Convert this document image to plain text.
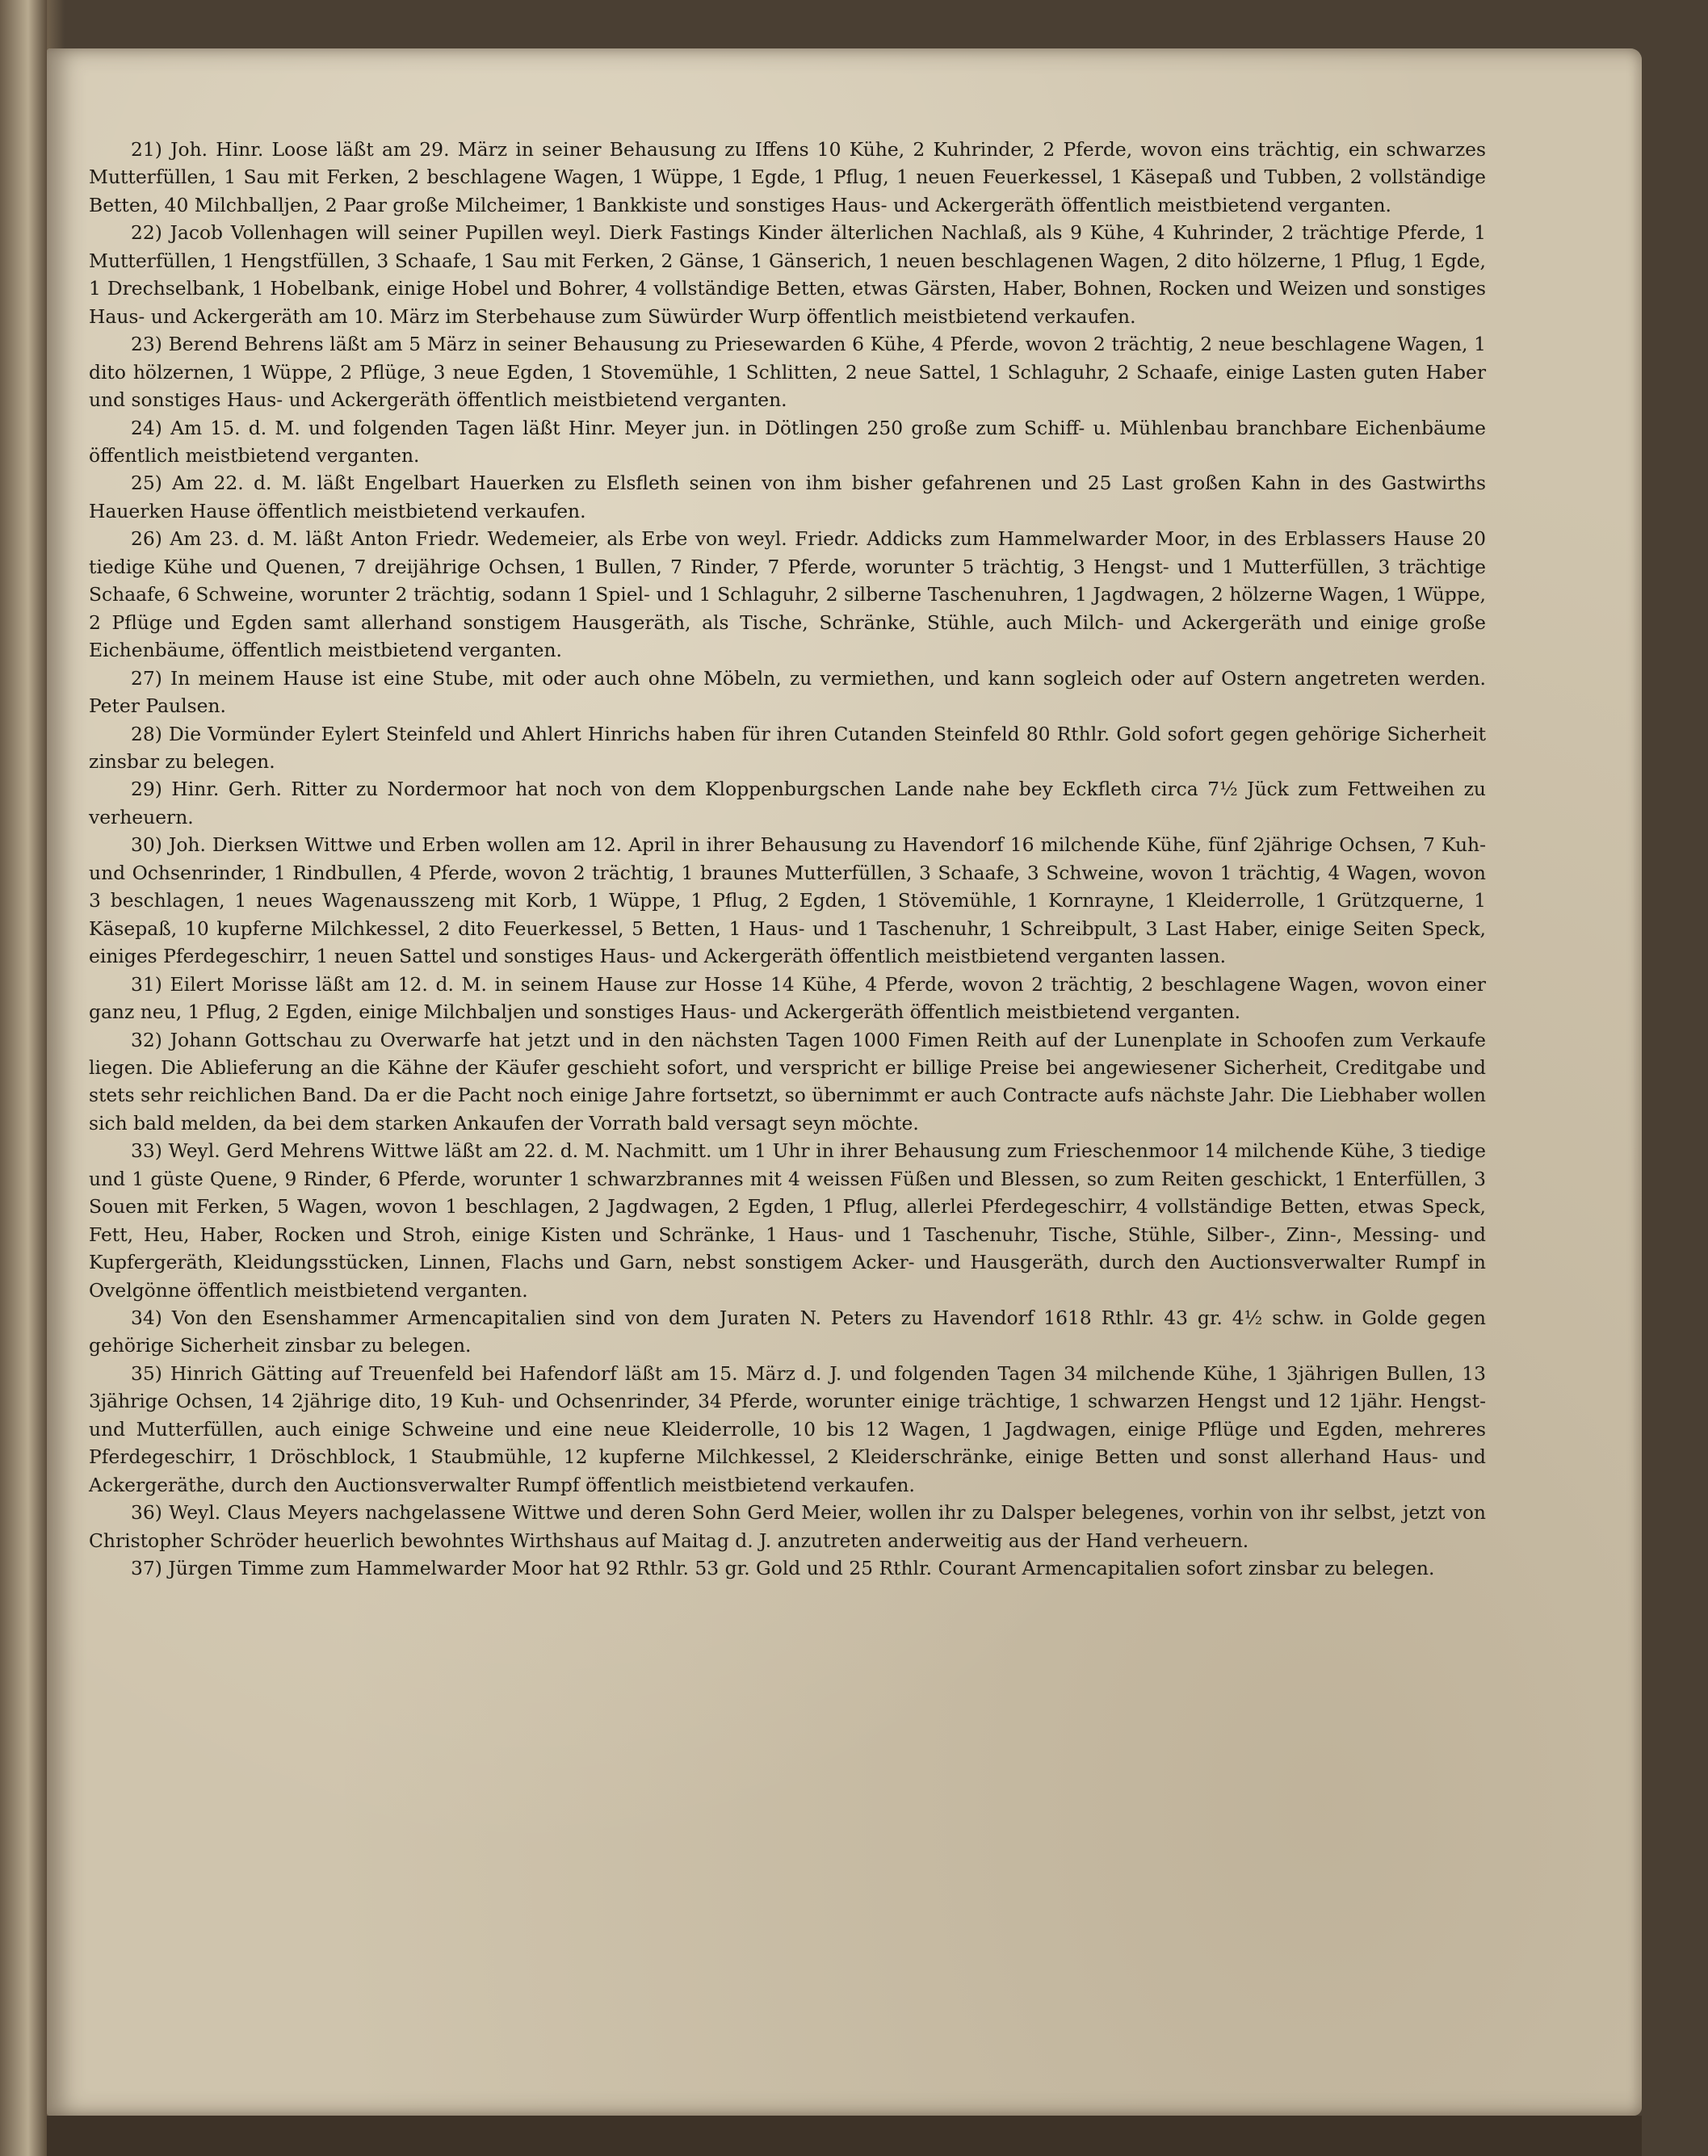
21) Joh. Hinr. Loose läßt am 29. März in seiner Behausung zu Iffens 10 Kühe, 2 Kuhrinder, 2 Pferde, wovon eins trächtig, ein schwarzes Mutterfüllen, 1 Sau mit Ferken, 2 beschlagene Wagen, 1 Wüppe, 1 Egde, 1 Pflug, 1 neuen Feuerkessel, 1 Käsepaß und Tubben, 2 vollständige Betten, 40 Milchballjen, 2 Paar große Milcheimer, 1 Bankkiste und sonstiges Haus- und Ackergeräth öffentlich meistbietend verganten.

22) Jacob Vollenhagen will seiner Pupillen weyl. Dierk Fastings Kinder älterlichen Nachlaß, als 9 Kühe, 4 Kuhrinder, 2 trächtige Pferde, 1 Mutterfüllen, 1 Hengstfüllen, 3 Schaafe, 1 Sau mit Ferken, 2 Gänse, 1 Gänserich, 1 neuen beschlagenen Wagen, 2 dito hölzerne, 1 Pflug, 1 Egde, 1 Drechselbank, 1 Hobelbank, einige Hobel und Bohrer, 4 vollständige Betten, etwas Gärsten, Haber, Bohnen, Rocken und Weizen und sonstiges Haus- und Ackergeräth am 10. März im Sterbehause zum Süwürder Wurp öffentlich meistbietend verkaufen.

23) Berend Behrens läßt am 5 März in seiner Behausung zu Priesewarden 6 Kühe, 4 Pferde, wovon 2 trächtig, 2 neue beschlagene Wagen, 1 dito hölzernen, 1 Wüppe, 2 Pflüge, 3 neue Egden, 1 Stovemühle, 1 Schlitten, 2 neue Sattel, 1 Schlaguhr, 2 Schaafe, einige Lasten guten Haber und sonstiges Haus- und Ackergeräth öffentlich meistbietend verganten.

24) Am 15. d. M. und folgenden Tagen läßt Hinr. Meyer jun. in Dötlingen 250 große zum Schiff- u. Mühlenbau branchbare Eichenbäume öffentlich meistbietend verganten.

25) Am 22. d. M. läßt Engelbart Hauerken zu Elsfleth seinen von ihm bisher gefahrenen und 25 Last großen Kahn in des Gastwirths Hauerken Hause öffentlich meistbietend verkaufen.

26) Am 23. d. M. läßt Anton Friedr. Wedemeier, als Erbe von weyl. Friedr. Addicks zum Hammelwarder Moor, in des Erblassers Hause 20 tiedige Kühe und Quenen, 7 dreijährige Ochsen, 1 Bullen, 7 Rinder, 7 Pferde, worunter 5 trächtig, 3 Hengst- und 1 Mutterfüllen, 3 trächtige Schaafe, 6 Schweine, worunter 2 trächtig, sodann 1 Spiel- und 1 Schlaguhr, 2 silberne Taschenuhren, 1 Jagdwagen, 2 hölzerne Wagen, 1 Wüppe, 2 Pflüge und Egden samt allerhand sonstigem Hausgeräth, als Tische, Schränke, Stühle, auch Milch- und Ackergeräth und einige große Eichenbäume, öffentlich meistbietend verganten.

27) In meinem Hause ist eine Stube, mit oder auch ohne Möbeln, zu vermiethen, und kann sogleich oder auf Ostern angetreten werden. Peter Paulsen.

28) Die Vormünder Eylert Steinfeld und Ahlert Hinrichs haben für ihren Cutanden Steinfeld 80 Rthlr. Gold sofort gegen gehörige Sicherheit zinsbar zu belegen.

29) Hinr. Gerh. Ritter zu Nordermoor hat noch von dem Kloppenburgschen Lande nahe bey Eckfleth circa 7½ Jück zum Fettweihen zu verheuern.

30) Joh. Dierksen Wittwe und Erben wollen am 12. April in ihrer Behausung zu Havendorf 16 milchende Kühe, fünf 2jährige Ochsen, 7 Kuh- und Ochsenrinder, 1 Rindbullen, 4 Pferde, wovon 2 trächtig, 1 braunes Mutterfüllen, 3 Schaafe, 3 Schweine, wovon 1 trächtig, 4 Wagen, wovon 3 beschlagen, 1 neues Wagenausszeng mit Korb, 1 Wüppe, 1 Pflug, 2 Egden, 1 Stövemühle, 1 Kornrayne, 1 Kleiderrolle, 1 Grützquerne, 1 Käsepaß, 10 kupferne Milchkessel, 2 dito Feuerkessel, 5 Betten, 1 Haus- und 1 Taschenuhr, 1 Schreibpult, 3 Last Haber, einige Seiten Speck, einiges Pferdegeschirr, 1 neuen Sattel und sonstiges Haus- und Ackergeräth öffentlich meistbietend verganten lassen.

31) Eilert Morisse läßt am 12. d. M. in seinem Hause zur Hosse 14 Kühe, 4 Pferde, wovon 2 trächtig, 2 beschlagene Wagen, wovon einer ganz neu, 1 Pflug, 2 Egden, einige Milchbaljen und sonstiges Haus- und Ackergeräth öffentlich meistbietend verganten.

32) Johann Gottschau zu Overwarfe hat jetzt und in den nächsten Tagen 1000 Fimen Reith auf der Lunenplate in Schoofen zum Verkaufe liegen. Die Ablieferung an die Kähne der Käufer geschieht sofort, und verspricht er billige Preise bei angewiesener Sicherheit, Creditgabe und stets sehr reichlichen Band. Da er die Pacht noch einige Jahre fortsetzt, so übernimmt er auch Contracte aufs nächste Jahr. Die Liebhaber wollen sich bald melden, da bei dem starken Ankaufen der Vorrath bald versagt seyn möchte.

33) Weyl. Gerd Mehrens Wittwe läßt am 22. d. M. Nachmitt. um 1 Uhr in ihrer Behausung zum Frieschenmoor 14 milchende Kühe, 3 tiedige und 1 güste Quene, 9 Rinder, 6 Pferde, worunter 1 schwarzbrannes mit 4 weissen Füßen und Blessen, so zum Reiten geschickt, 1 Enterfüllen, 3 Souen mit Ferken, 5 Wagen, wovon 1 beschlagen, 2 Jagdwagen, 2 Egden, 1 Pflug, allerlei Pferdegeschirr, 4 vollständige Betten, etwas Speck, Fett, Heu, Haber, Rocken und Stroh, einige Kisten und Schränke, 1 Haus- und 1 Taschenuhr, Tische, Stühle, Silber-, Zinn-, Messing- und Kupfergeräth, Kleidungsstücken, Linnen, Flachs und Garn, nebst sonstigem Acker- und Hausgeräth, durch den Auctionsverwalter Rumpf in Ovelgönne öffentlich meistbietend verganten.

34) Von den Esenshammer Armencapitalien sind von dem Juraten N. Peters zu Havendorf 1618 Rthlr. 43 gr. 4½ schw. in Golde gegen gehörige Sicherheit zinsbar zu belegen.

35) Hinrich Gätting auf Treuenfeld bei Hafendorf läßt am 15. März d. J. und folgenden Tagen 34 milchende Kühe, 1 3jährigen Bullen, 13 3jährige Ochsen, 14 2jährige dito, 19 Kuh- und Ochsenrinder, 34 Pferde, worunter einige trächtige, 1 schwarzen Hengst und 12 1jähr. Hengst- und Mutterfüllen, auch einige Schweine und eine neue Kleiderrolle, 10 bis 12 Wagen, 1 Jagdwagen, einige Pflüge und Egden, mehreres Pferdegeschirr, 1 Dröschblock, 1 Staubmühle, 12 kupferne Milchkessel, 2 Kleiderschränke, einige Betten und sonst allerhand Haus- und Ackergeräthe, durch den Auctionsverwalter Rumpf öffentlich meistbietend verkaufen.

36) Weyl. Claus Meyers nachgelassene Wittwe und deren Sohn Gerd Meier, wollen ihr zu Dalsper belegenes, vorhin von ihr selbst, jetzt von Christopher Schröder heuerlich bewohntes Wirthshaus auf Maitag d. J. anzutreten anderweitig aus der Hand verheuern.

37) Jürgen Timme zum Hammelwarder Moor hat 92 Rthlr. 53 gr. Gold und 25 Rthlr. Courant Armencapitalien sofort zinsbar zu belegen.
